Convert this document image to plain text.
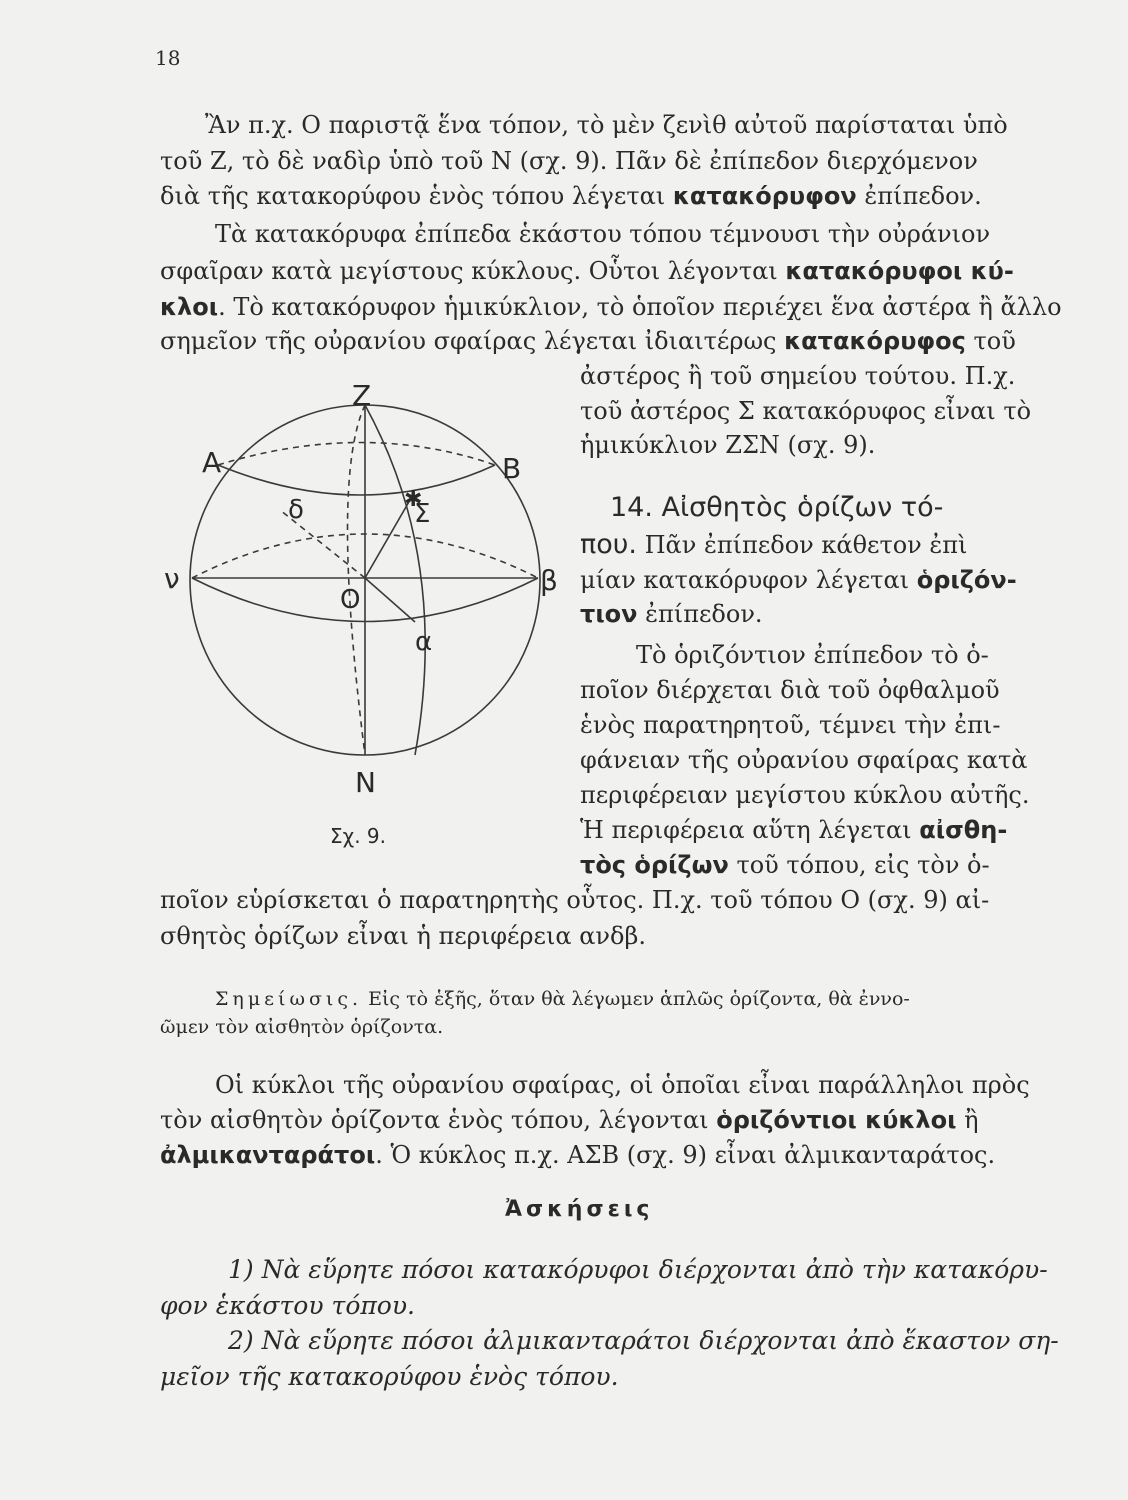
18
Ἂν π.χ. Ο παριστᾷ ἕνα τόπον, τὸ μὲν ζενὶθ αὐτοῦ παρίσταται ὑπὸ
τοῦ Ζ, τὸ δὲ ναδὶρ ὑπὸ τοῦ Ν (σχ. 9). Πᾶν δὲ ἐπίπεδον διερχόμενον
διὰ τῆς κατακορύφου ἑνὸς τόπου λέγεται κατακόρυφον ἐπίπεδον.
Τὰ κατακόρυφα ἐπίπεδα ἑκάστου τόπου τέμνουσι τὴν οὐράνιον
σφαῖραν κατὰ μεγίστους κύκλους. Οὗτοι λέγονται κατακόρυφοι κύ-
κλοι. Τὸ κατακόρυφον ἡμικύκλιον, τὸ ὁποῖον περιέχει ἕνα ἀστέρα ἢ ἄλλο
σημεῖον τῆς οὐρανίου σφαίρας λέγεται ἰδιαιτέρως κατακόρυφος τοῦ
ἀστέρος ἢ τοῦ σημείου τούτου. Π.χ.
τοῦ ἀστέρος Σ κατακόρυφος εἶναι τὸ
ἡμικύκλιον ΖΣΝ (σχ. 9).
14. Αἰσθητὸς ὁρίζων τό-
που. Πᾶν ἐπίπεδον κάθετον ἐπὶ
μίαν κατακόρυφον λέγεται ὁριζόν-
τιον ἐπίπεδον.
Τὸ ὁριζόντιον ἐπίπεδον τὸ ὁ-
ποῖον διέρχεται διὰ τοῦ ὀφθαλμοῦ
ἑνὸς παρατηρητοῦ, τέμνει τὴν ἐπι-
φάνειαν τῆς οὐρανίου σφαίρας κατὰ
περιφέρειαν μεγίστου κύκλου αὐτῆς.
Ἡ περιφέρεια αὕτη λέγεται αἰσθη-
τὸς ὁρίζων τοῦ τόπου, εἰς τὸν ὁ-
ποῖον εὑρίσκεται ὁ παρατηρητὴς οὗτος. Π.χ. τοῦ τόπου Ο (σχ. 9) αἰ-
σθητὸς ὁρίζων εἶναι ἡ περιφέρεια ανδβ.
Σημείωσις. Εἰς τὸ ἑξῆς, ὅταν θὰ λέγωμεν ἁπλῶς ὁρίζοντα, θὰ ἐννο-
ῶμεν τὸν αἰσθητὸν ὁρίζοντα.
Οἱ κύκλοι τῆς οὐρανίου σφαίρας, οἱ ὁποῖαι εἶναι παράλληλοι πρὸς
τὸν αἰσθητὸν ὁρίζοντα ἑνὸς τόπου, λέγονται ὁριζόντιοι κύκλοι ἢ
ἀλμικανταράτοι. Ὁ κύκλος π.χ. ΑΣΒ (σχ. 9) εἶναι ἀλμικανταράτος.
Ἀσκήσεις
1) Νὰ εὕρητε πόσοι κατακόρυφοι διέρχονται ἀπὸ τὴν κατακόρυ-
φον ἑκάστου τόπου.
2) Νὰ εὕρητε πόσοι ἀλμικανταράτοι διέρχονται ἀπὸ ἕκαστον ση-
μεῖον τῆς κατακορύφου ἑνὸς τόπου.
✱
Z
A	B
δ	Σ
ν	β
O
α
N
Σχ. 9.
